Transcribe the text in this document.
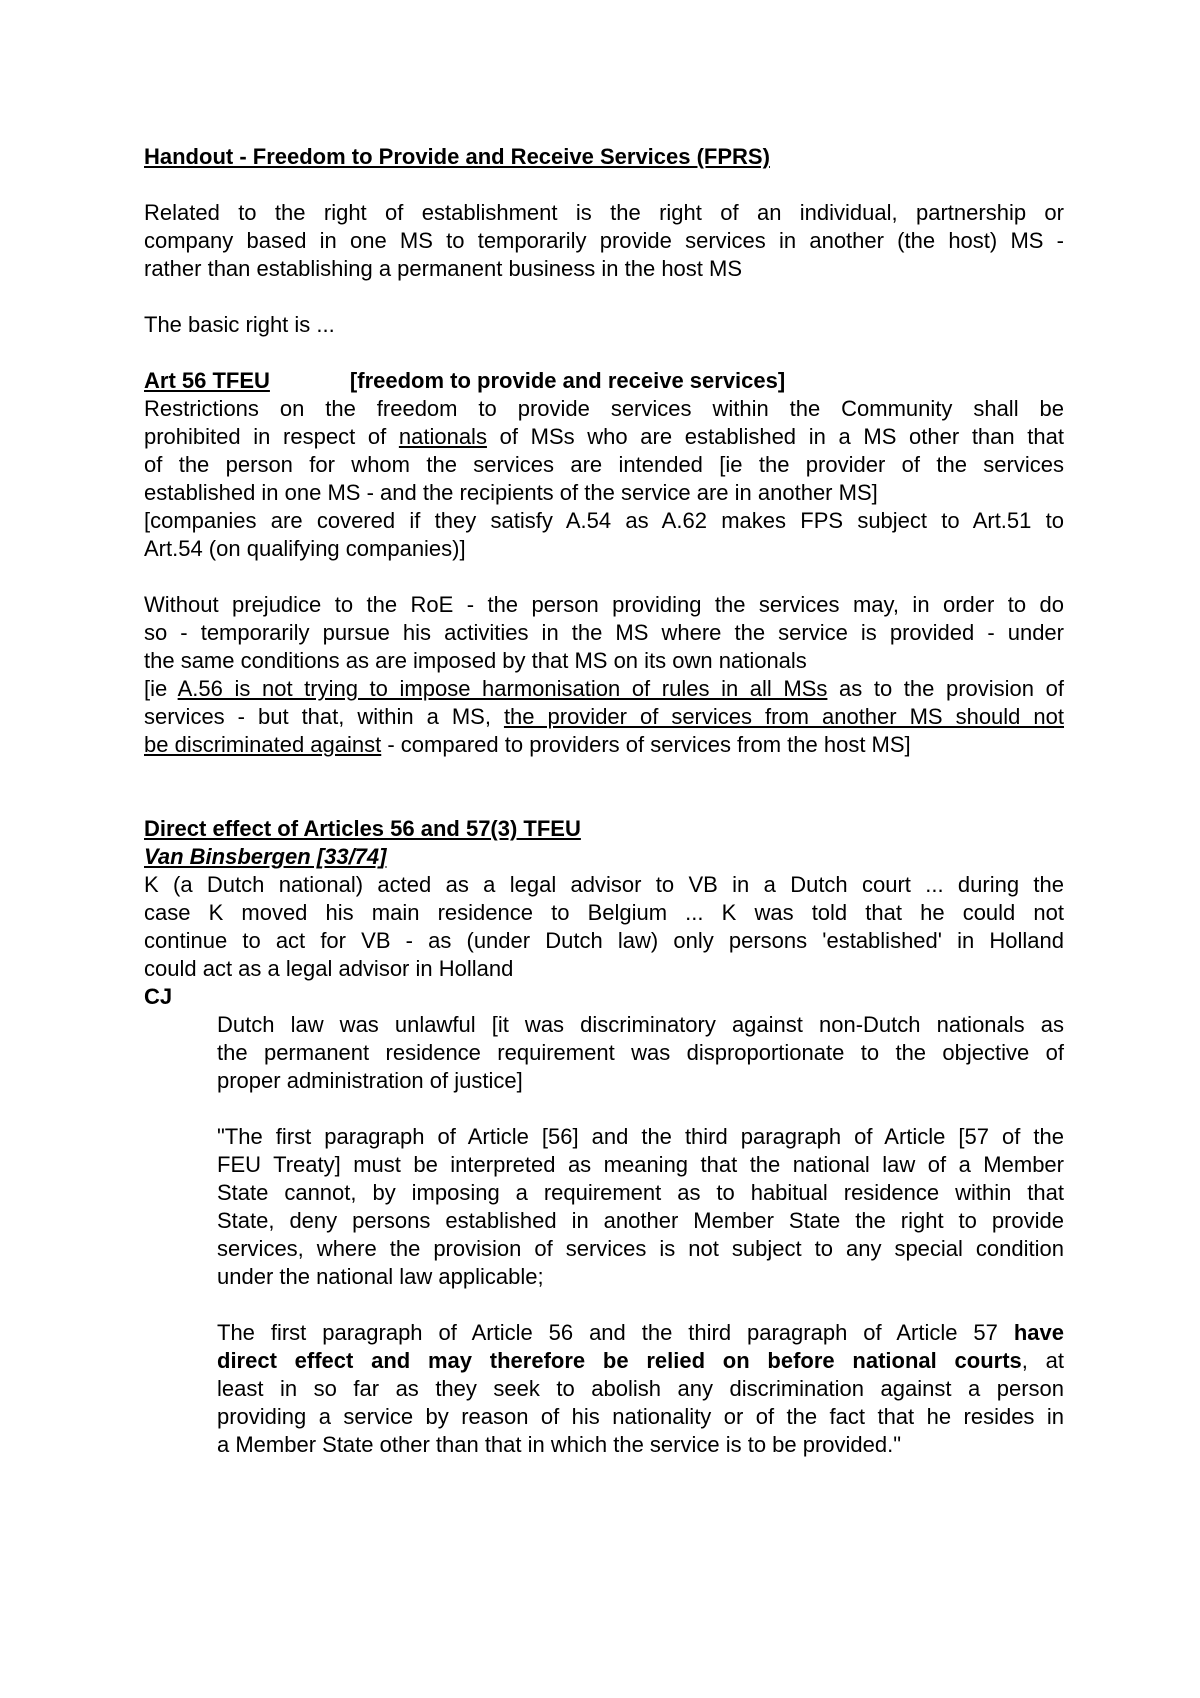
Handout - Freedom to Provide and Receive Services (FPRS)
Related to the right of establishment is the right of an individual, partnership or
company based in one MS to temporarily provide services in another (the host) MS -
rather than establishing a permanent business in the host MS
The basic right is ...
Art 56 TFEU	[freedom to provide and receive services]
Restrictions on the freedom to provide services within the Community shall be
prohibited in respect of nationals of MSs who are established in a MS other than that
of the person for whom the services are intended [ie the provider of the services
established in one MS - and the recipients of the service are in another MS]
[companies are covered if they satisfy A.54 as A.62 makes FPS subject to Art.51 to
Art.54 (on qualifying companies)]
Without prejudice to the RoE - the person providing the services may, in order to do
so - temporarily pursue his activities in the MS where the service is provided - under
the same conditions as are imposed by that MS on its own nationals
[ie A.56 is not trying to impose harmonisation of rules in all MSs as to the provision of
services - but that, within a MS, the provider of services from another MS should not
be discriminated against - compared to providers of services from the host MS]
Direct effect of Articles 56 and 57(3) TFEU
Van Binsbergen [33/74]
K (a Dutch national) acted as a legal advisor to VB in a Dutch court ... during the
case K moved his main residence to Belgium ... K was told that he could not
continue to act for VB - as (under Dutch law) only persons 'established' in Holland
could act as a legal advisor in Holland
CJ
Dutch law was unlawful [it was discriminatory against non-Dutch nationals as
the permanent residence requirement was disproportionate to the objective of
proper administration of justice]
"The first paragraph of Article [56] and the third paragraph of Article [57 of the
FEU Treaty] must be interpreted as meaning that the national law of a Member
State cannot, by imposing a requirement as to habitual residence within that
State, deny persons established in another Member State the right to provide
services, where the provision of services is not subject to any special condition
under the national law applicable;
The first paragraph of Article 56 and the third paragraph of Article 57 have
direct effect and may therefore be relied on before national courts, at
least in so far as they seek to abolish any discrimination against a person
providing a service by reason of his nationality or of the fact that he resides in
a Member State other than that in which the service is to be provided."
